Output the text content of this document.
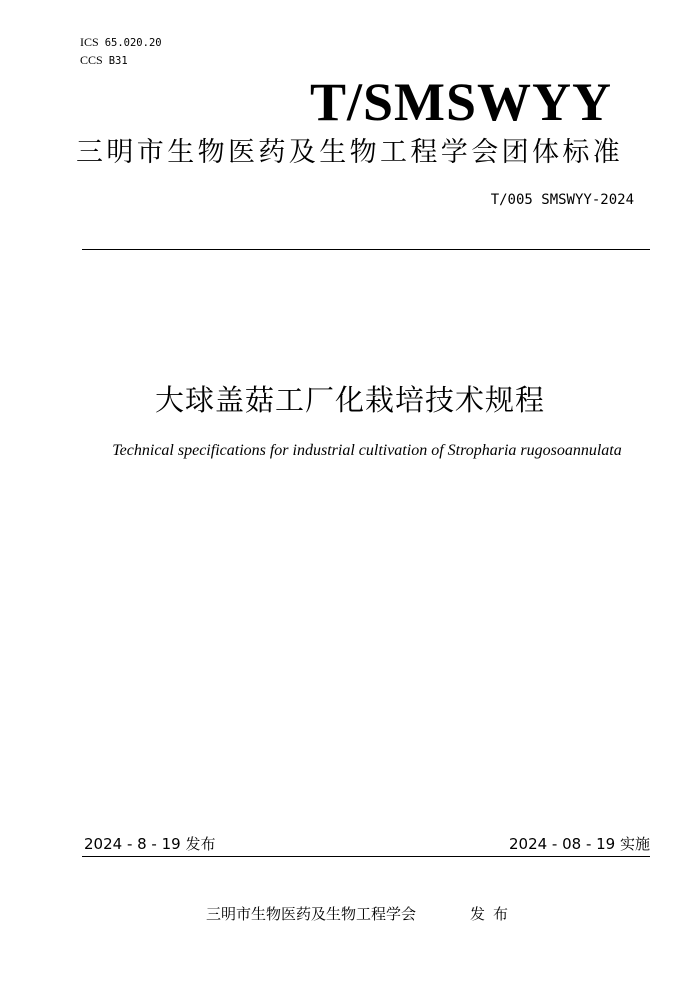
ICS 65.020.20
CCS B31
T/SMSWYY
三明市生物医药及生物工程学会团体标准
T/005 SMSWYY-2024
大球盖菇工厂化栽培技术规程
Technical specifications for industrial cultivation of Stropharia rugosoannulata
2024 - 8 - 19 发布	2024 - 08 - 19 实施
三明市生物医药及生物工程学会	发布
